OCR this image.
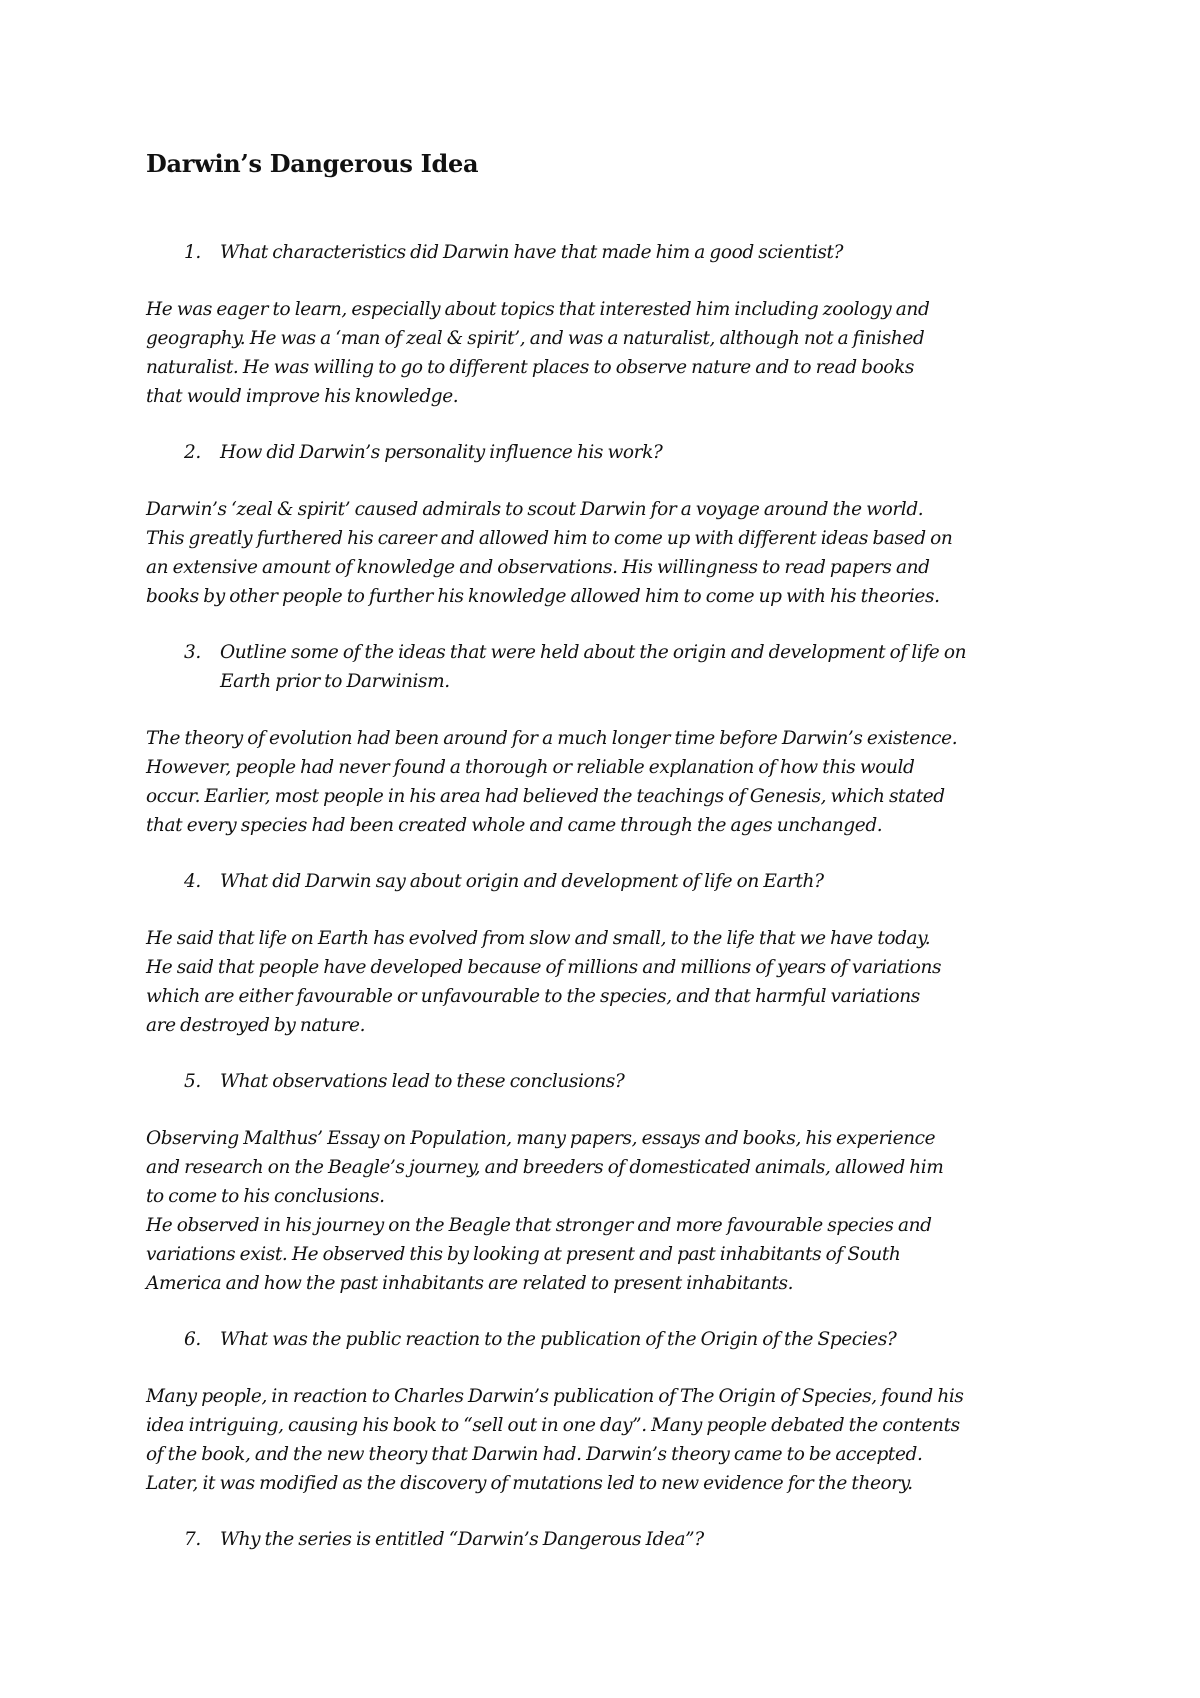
Darwin’s Dangerous Idea
1. What characteristics did Darwin have that made him a good scientist?
He was eager to learn, especially about topics that interested him including zoology and
geography. He was a ‘man of zeal & spirit’, and was a naturalist, although not a finished
naturalist. He was willing to go to different places to observe nature and to read books
that would improve his knowledge.
2. How did Darwin’s personality influence his work?
Darwin’s ‘zeal & spirit’ caused admirals to scout Darwin for a voyage around the world.
This greatly furthered his career and allowed him to come up with different ideas based on
an extensive amount of knowledge and observations. His willingness to read papers and
books by other people to further his knowledge allowed him to come up with his theories.
3. Outline some of the ideas that were held about the origin and development of life on
Earth prior to Darwinism.
The theory of evolution had been around for a much longer time before Darwin’s existence.
However, people had never found a thorough or reliable explanation of how this would
occur. Earlier, most people in his area had believed the teachings of Genesis, which stated
that every species had been created whole and came through the ages unchanged.
4. What did Darwin say about origin and development of life on Earth?
He said that life on Earth has evolved from slow and small, to the life that we have today.
He said that people have developed because of millions and millions of years of variations
which are either favourable or unfavourable to the species, and that harmful variations
are destroyed by nature.
5. What observations lead to these conclusions?
Observing Malthus’ Essay on Population, many papers, essays and books, his experience
and research on the Beagle’s journey, and breeders of domesticated animals, allowed him
to come to his conclusions.
He observed in his journey on the Beagle that stronger and more favourable species and
variations exist. He observed this by looking at present and past inhabitants of South
America and how the past inhabitants are related to present inhabitants.
6. What was the public reaction to the publication of the Origin of the Species?
Many people, in reaction to Charles Darwin’s publication of The Origin of Species, found his
idea intriguing, causing his book to “sell out in one day”. Many people debated the contents
of the book, and the new theory that Darwin had. Darwin’s theory came to be accepted.
Later, it was modified as the discovery of mutations led to new evidence for the theory.
7. Why the series is entitled “Darwin’s Dangerous Idea”?
